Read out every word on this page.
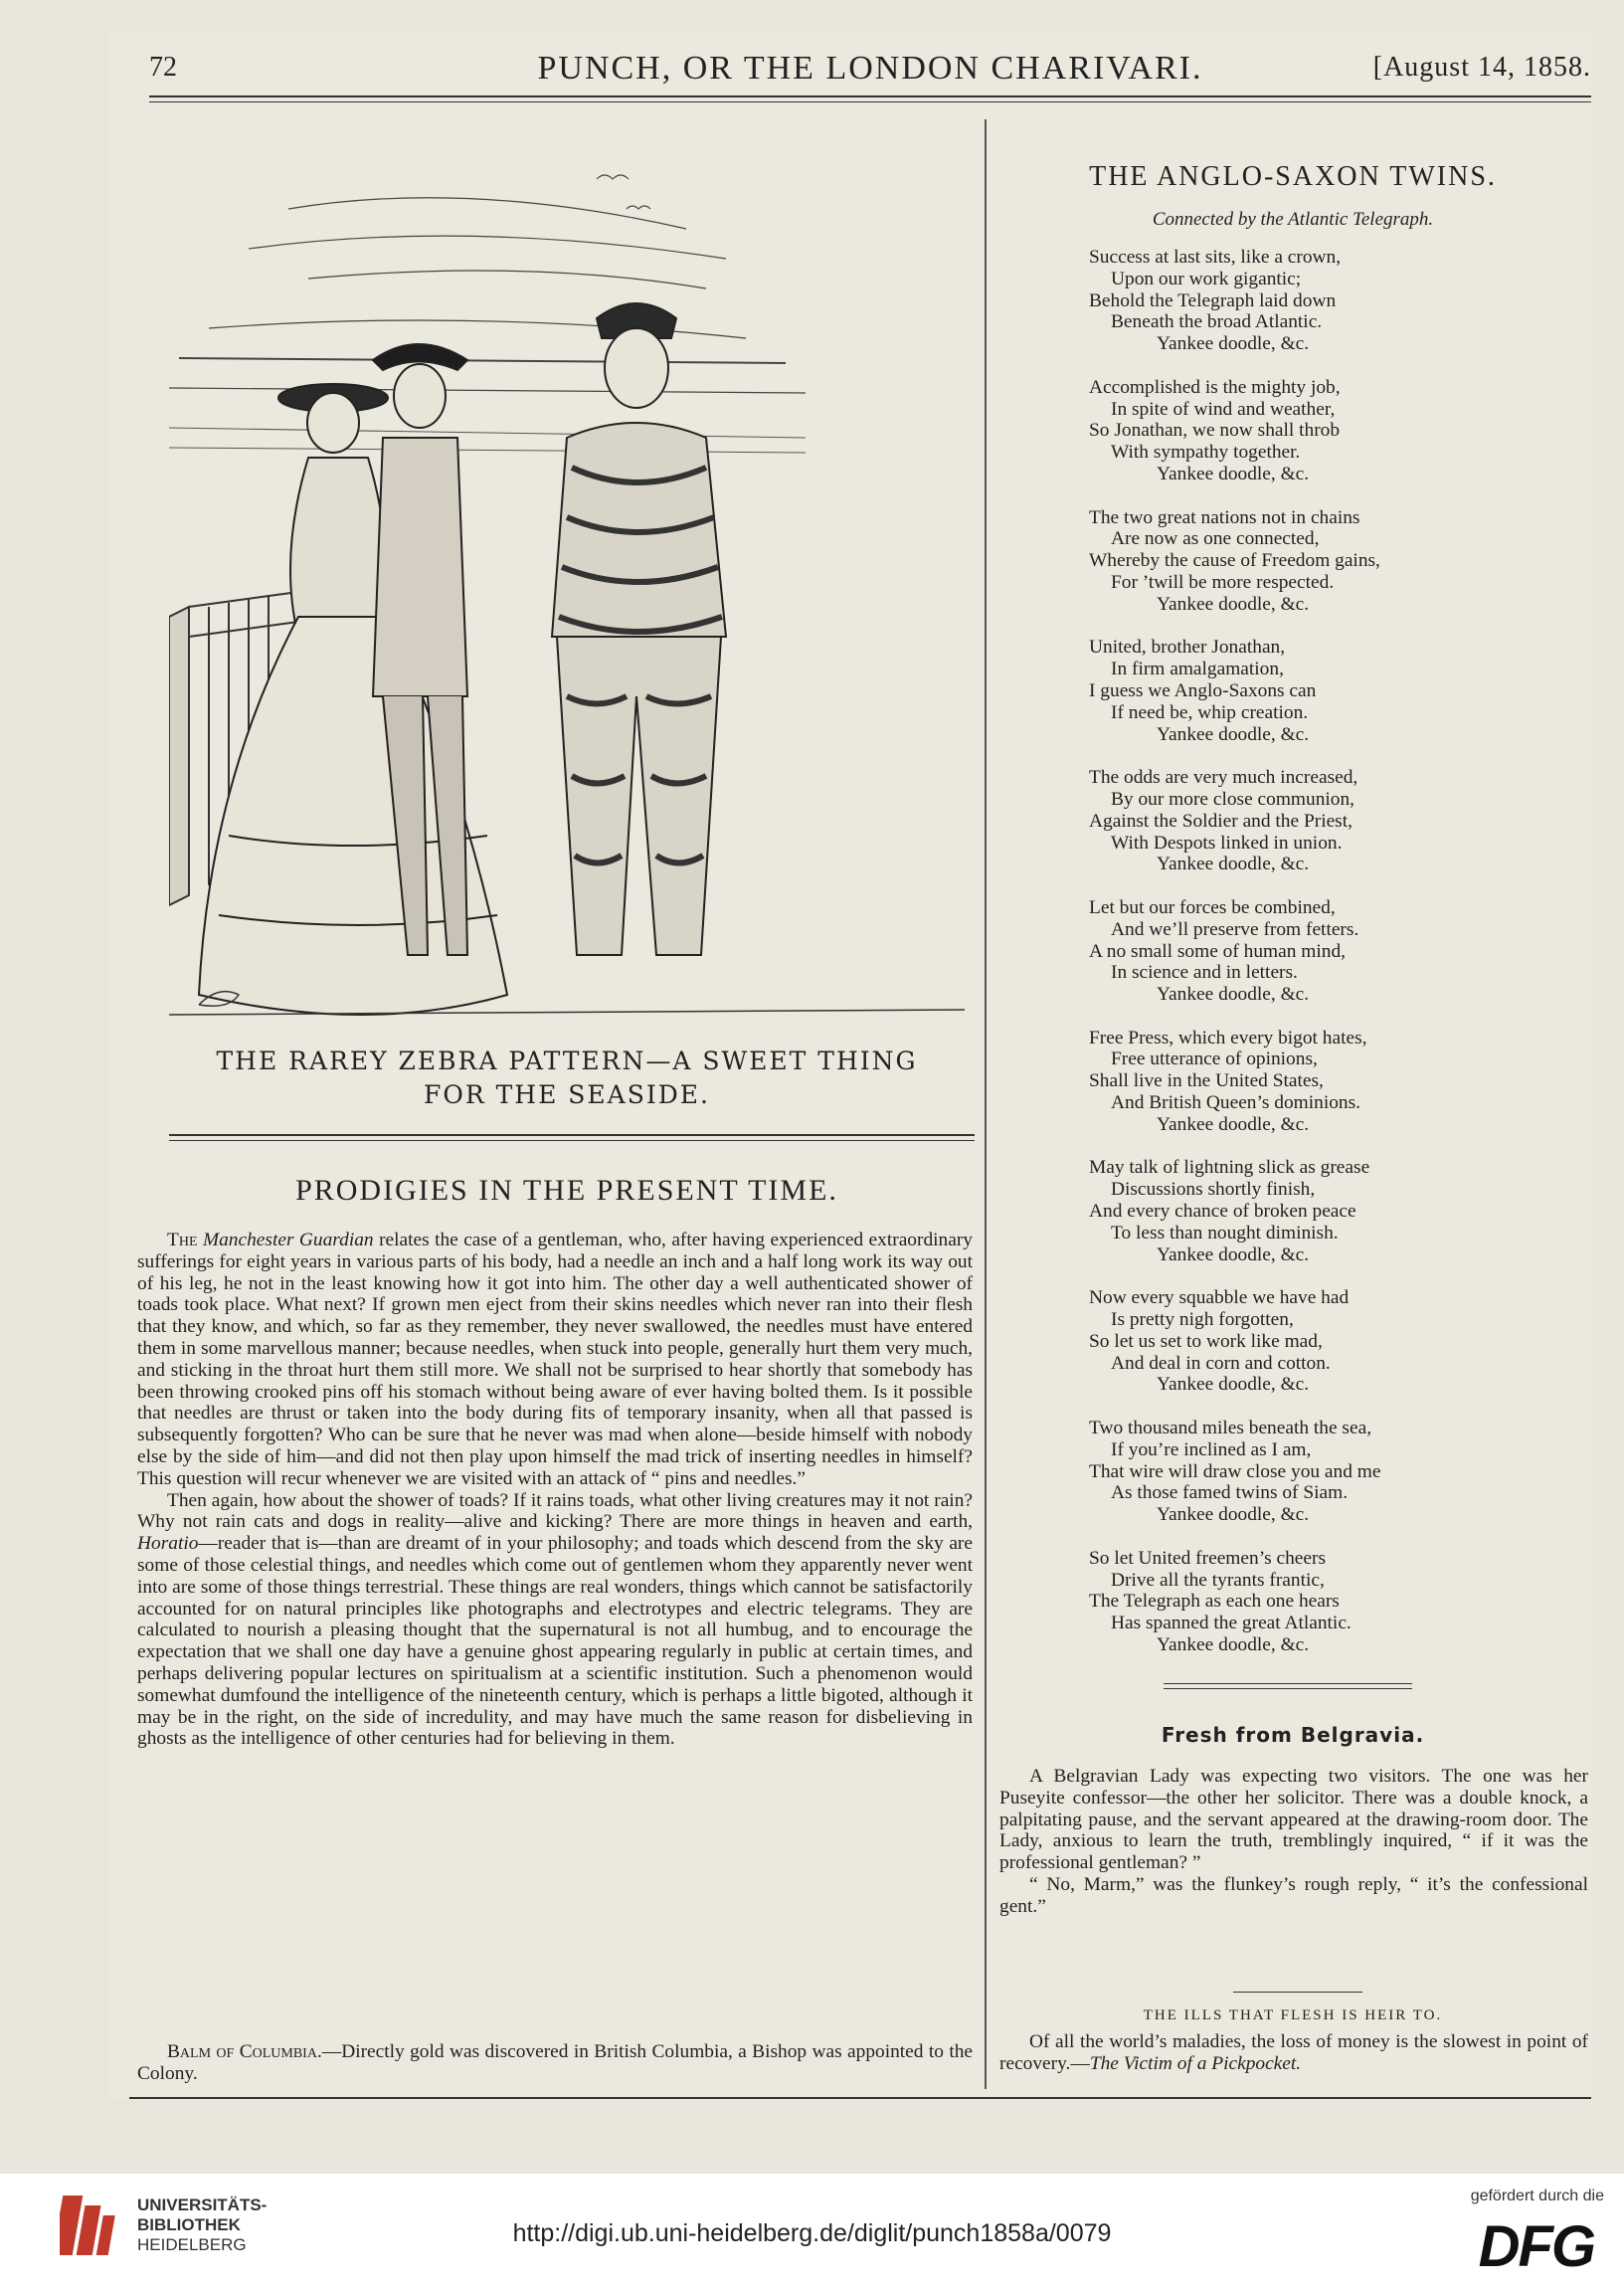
72	PUNCH, OR THE LONDON CHARIVARI.	[August 14, 1858.
THE RAREY ZEBRA PATTERN—A SWEET THING
FOR THE SEASIDE.
PRODIGIES IN THE PRESENT TIME.

The Manchester Guardian relates the case of a gentleman, who, after having experienced extraordinary sufferings for eight years in various parts of his body, had a needle an inch and a half long work its way out of his leg, he not in the least knowing how it got into him. The other day a well authenticated shower of toads took place. What next? If grown men eject from their skins needles which never ran into their flesh that they know, and which, so far as they remember, they never swallowed, the needles must have entered them in some marvellous manner; because needles, when stuck into people, generally hurt them very much, and sticking in the throat hurt them still more. We shall not be surprised to hear shortly that somebody has been throwing crooked pins off his stomach without being aware of ever having bolted them. Is it possible that needles are thrust or taken into the body during fits of temporary insanity, when all that passed is subsequently forgotten? Who can be sure that he never was mad when alone—beside himself with nobody else by the side of him—and did not then play upon himself the mad trick of inserting needles in himself? This question will recur whenever we are visited with an attack of “ pins and needles.”

Then again, how about the shower of toads? If it rains toads, what other living creatures may it not rain? Why not rain cats and dogs in reality—alive and kicking? There are more things in heaven and earth, Horatio—reader that is—than are dreamt of in your philosophy; and toads which descend from the sky are some of those celestial things, and needles which come out of gentlemen whom they apparently never went into are some of those things terrestrial. These things are real wonders, things which cannot be satisfactorily accounted for on natural principles like photographs and electrotypes and electric telegrams. They are calculated to nourish a pleasing thought that the supernatural is not all humbug, and to encourage the expectation that we shall one day have a genuine ghost appearing regularly in public at certain times, and perhaps delivering popular lectures on spiritualism at a scientific institution. Such a phenomenon would somewhat dumfound the intelligence of the nineteenth century, which is perhaps a little bigoted, although it may be in the right, on the side of incredulity, and may have much the same reason for disbelieving in ghosts as the intelligence of other centuries had for believing in them.

Balm of Columbia.—Directly gold was discovered in British Columbia, a Bishop was appointed to the Colony.

THE ANGLO-SAXON TWINS.
Connected by the Atlantic Telegraph.
Success at last sits, like a crown,
Upon our work gigantic;
Behold the Telegraph laid down
Beneath the broad Atlantic.
Yankee doodle, &c.
Accomplished is the mighty job,
In spite of wind and weather,
So Jonathan, we now shall throb
With sympathy together.
Yankee doodle, &c.
The two great nations not in chains
Are now as one connected,
Whereby the cause of Freedom gains,
For ’twill be more respected.
Yankee doodle, &c.
United, brother Jonathan,
In firm amalgamation,
I guess we Anglo-Saxons can
If need be, whip creation.
Yankee doodle, &c.
The odds are very much increased,
By our more close communion,
Against the Soldier and the Priest,
With Despots linked in union.
Yankee doodle, &c.
Let but our forces be combined,
And we’ll preserve from fetters.
A no small some of human mind,
In science and in letters.
Yankee doodle, &c.
Free Press, which every bigot hates,
Free utterance of opinions,
Shall live in the United States,
And British Queen’s dominions.
Yankee doodle, &c.
May talk of lightning slick as grease
Discussions shortly finish,
And every chance of broken peace
To less than nought diminish.
Yankee doodle, &c.
Now every squabble we have had
Is pretty nigh forgotten,
So let us set to work like mad,
And deal in corn and cotton.
Yankee doodle, &c.
Two thousand miles beneath the sea,
If you’re inclined as I am,
That wire will draw close you and me
As those famed twins of Siam.
Yankee doodle, &c.
So let United freemen’s cheers
Drive all the tyrants frantic,
The Telegraph as each one hears
Has spanned the great Atlantic.
Yankee doodle, &c.
Fresh from Belgravia.

A Belgravian Lady was expecting two visitors. The one was her Puseyite confessor—the other her solicitor. There was a double knock, a palpitating pause, and the servant appeared at the drawing-room door. The Lady, anxious to learn the truth, tremblingly inquired, “ if it was the professional gentleman? ”

“ No, Marm,” was the flunkey’s rough reply, “ it’s the confessional gent.”

THE ILLS THAT FLESH IS HEIR TO.

Of all the world’s maladies, the loss of money is the slowest in point of recovery.—The Victim of a Pickpocket.

UNIVERSITÄTS-
BIBLIOTHEK
HEIDELBERG	http://digi.ub.uni-heidelberg.de/diglit/punch1858a/0079
gefördert durch die
DFG
